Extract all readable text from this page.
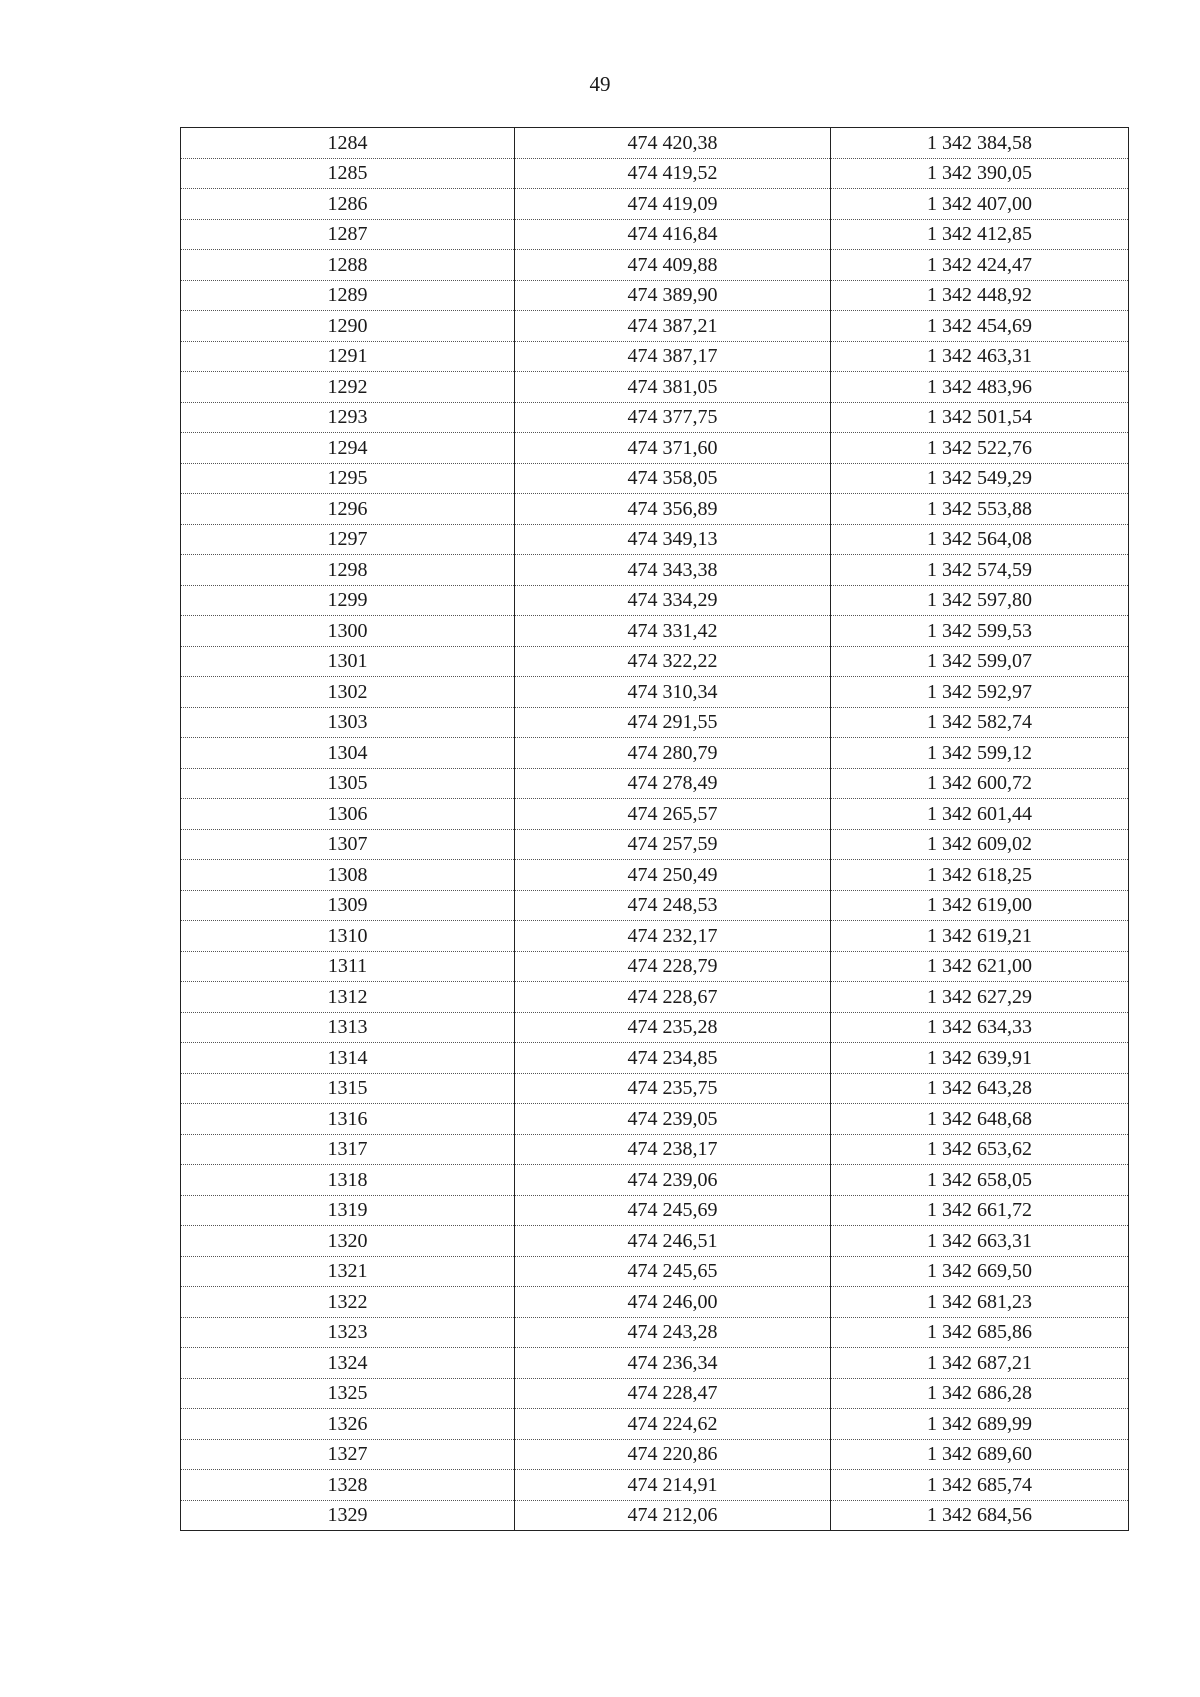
49
1284	474 420,38	1 342 384,58
1285	474 419,52	1 342 390,05
1286	474 419,09	1 342 407,00
1287	474 416,84	1 342 412,85
1288	474 409,88	1 342 424,47
1289	474 389,90	1 342 448,92
1290	474 387,21	1 342 454,69
1291	474 387,17	1 342 463,31
1292	474 381,05	1 342 483,96
1293	474 377,75	1 342 501,54
1294	474 371,60	1 342 522,76
1295	474 358,05	1 342 549,29
1296	474 356,89	1 342 553,88
1297	474 349,13	1 342 564,08
1298	474 343,38	1 342 574,59
1299	474 334,29	1 342 597,80
1300	474 331,42	1 342 599,53
1301	474 322,22	1 342 599,07
1302	474 310,34	1 342 592,97
1303	474 291,55	1 342 582,74
1304	474 280,79	1 342 599,12
1305	474 278,49	1 342 600,72
1306	474 265,57	1 342 601,44
1307	474 257,59	1 342 609,02
1308	474 250,49	1 342 618,25
1309	474 248,53	1 342 619,00
1310	474 232,17	1 342 619,21
1311	474 228,79	1 342 621,00
1312	474 228,67	1 342 627,29
1313	474 235,28	1 342 634,33
1314	474 234,85	1 342 639,91
1315	474 235,75	1 342 643,28
1316	474 239,05	1 342 648,68
1317	474 238,17	1 342 653,62
1318	474 239,06	1 342 658,05
1319	474 245,69	1 342 661,72
1320	474 246,51	1 342 663,31
1321	474 245,65	1 342 669,50
1322	474 246,00	1 342 681,23
1323	474 243,28	1 342 685,86
1324	474 236,34	1 342 687,21
1325	474 228,47	1 342 686,28
1326	474 224,62	1 342 689,99
1327	474 220,86	1 342 689,60
1328	474 214,91	1 342 685,74
1329	474 212,06	1 342 684,56
